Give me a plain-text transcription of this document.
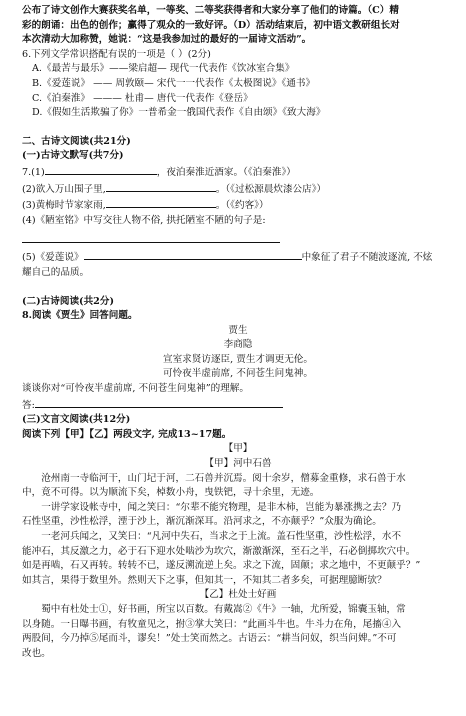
公布了诗文创作大赛获奖名单，一等奖、二等奖获得者和大家分享了他们的诗篇。（C）精

彩的朗诵：出色的创作；赢得了观众的一致好评。（D）活动结束后，初中语文教研组长对

本次清动大加称赞，她说：“这是我参加过的最好的一届诗文活动”。

6.下列文学常识搭配有误的一项是（ ）(2分)

A.《最苦与最乐》——梁启超— 现代一代表作《饮冰室合集》

B.《爱莲说》 —— 周敦颐— 宋代一一代表作《太极图说》《通书》

C.《泊秦淮》 ——— 杜甫— 唐代一代表作《登岳》

D.《假如生活欺骗了你》一普希金一俄国代表作《自由颂》《致大海》

二、古诗文阅读(共21分)

(一)古诗文默写(共7分)

7.(1)	，夜泊秦淮近酒家。（《泊秦淮》）

(2)欲入万山围子里,	。（《过松源晨炊漆公店》）

(3)黄梅时节家家雨,	。（《约客》）

(4)《陋室铭》中写交往人物不俗, 拱托陋室不陋的句子是:

(5)《爱莲说》	中象征了君子不随波逐流, 不炫

耀自己的品质。

(二)古诗阅读(共2分)

8.阅读《贾生》回答问题。

贾生

李商隐

宣室求贤访逐臣, 贾生才调更无伦。

可怜夜半虚前席, 不问苍生问鬼神。

谈谈你对“可怜夜半虚前席, 不问苍生问鬼神”的理解。

答:

(三)文言文阅读(共12分)

阅读下列【甲】【乙】两段文字, 完成13~17题。

【甲】

【甲】河中石兽

沧州南一寺临河干，山门圮于河，二石兽并沉焉。阅十余岁，僧募金重修，求石兽于水

中，竟不可得。以为顺流下矣，棹数小舟，曳铁钯，寻十余里，无迹。

一讲学家设帐寺中，闻之笑曰：“尔辈不能究物理，是非木柿，岂能为暴涨携之去？乃

石性坚重，沙性松浮，湮于沙上，渐沉渐深耳。沿河求之，不亦颠乎？”众服为确论。

一老河兵闻之，又笑曰：“凡河中失石，当求之于上流。盖石性坚重，沙性松浮，水不

能冲石，其反激之力，必于石下迎水处啮沙为坎穴，渐激渐深，至石之半，石必倒掷坎穴中。

如是再啮，石又再转。转转不已，遂反溯流逆上矣。求之下流，固颠；求之地中，不更颠乎？”

如其言，果得于数里外。然则天下之事，但知其一，不知其二者多矣，可据理臆断欤？

【乙】杜处士好画

蜀中有杜处士①，好书画，所宝以百数。有戴嵩②《牛》一轴，尤所爱，锦囊玉轴，常

以身随。一日曝书画，有牧童见之，拊③掌大笑曰：“此画斗牛也。牛斗力在角，尾搐④入

两股间，今乃掉⑤尾而斗，谬矣！”处士笑而然之。古语云：“耕当问奴，织当问婢。”不可

改也。
